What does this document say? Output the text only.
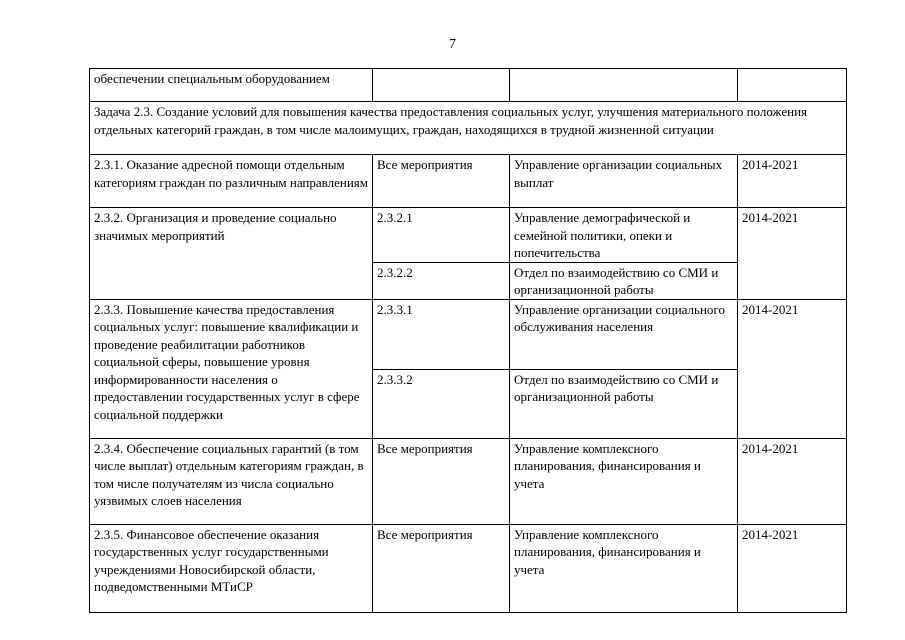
7
обеспечении специальным оборудованием			
Задача 2.3. Создание условий для повышения качества предоставления социальных услуг, улучшения материального положения отдельных категорий граждан, в том числе малоимущих, граждан, находящихся в трудной жизненной ситуации			
2.3.1. Оказание адресной помощи отдельным категориям граждан по различным направлениям	Все мероприятия	Управление организации социальных выплат	2014-2021
2.3.2. Организация и проведение социально значимых мероприятий	2.3.2.1	Управление демографической и семейной политики, опеки и попечительства	2014-2021
	2.3.2.2	Отдел по взаимодействию со СМИ и организационной работы	
2.3.3. Повышение качества предоставления социальных услуг: повышение квалификации и проведение реабилитации работников социальной сферы, повышение уровня информированности населения о предоставлении государственных услуг в сфере социальной поддержки	2.3.3.1	Управление организации социального обслуживания населения	2014-2021
	2.3.3.2	Отдел по взаимодействию со СМИ и организационной работы	
2.3.4. Обеспечение социальных гарантий (в том числе выплат) отдельным категориям граждан, в том числе получателям из числа социально уязвимых слоев населения	Все мероприятия	Управление комплексного планирования, финансирования и учета	2014-2021
2.3.5. Финансовое обеспечение оказания государственных услуг государственными учреждениями Новосибирской области, подведомственными МТиСР	Все мероприятия	Управление комплексного планирования, финансирования и учета	2014-2021
